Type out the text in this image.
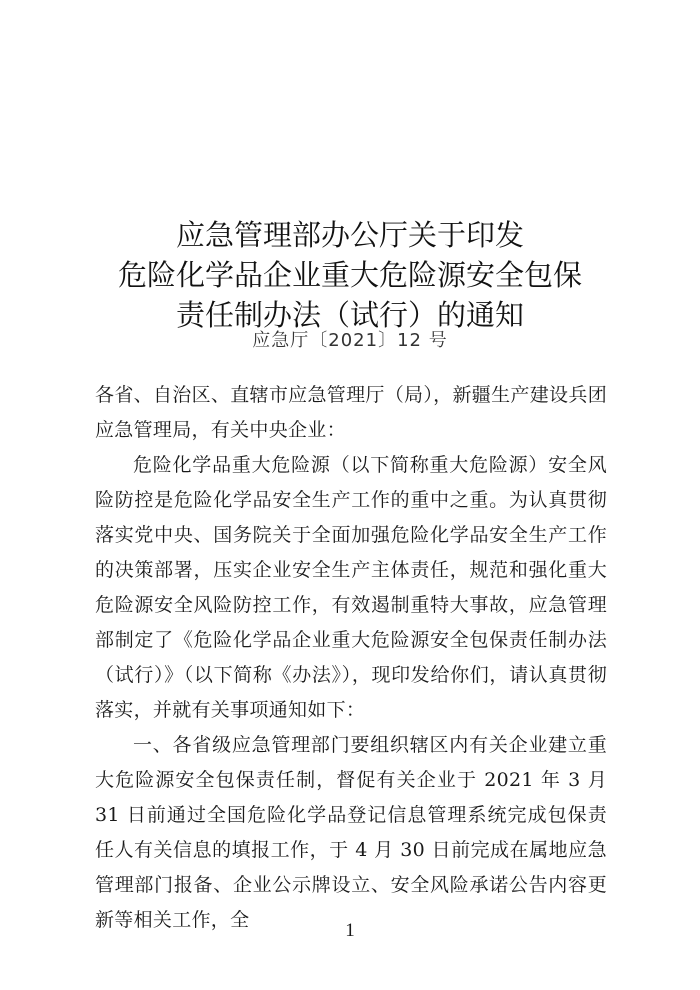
应急管理部办公厅关于印发
危险化学品企业重大危险源安全包保
责任制办法（试行）的通知
应急厅〔2021〕12 号

各省、自治区、直辖市应急管理厅（局），新疆生产建设兵团应急管理局，有关中央企业：

危险化学品重大危险源（以下简称重大危险源）安全风险防控是危险化学品安全生产工作的重中之重。为认真贯彻落实党中央、国务院关于全面加强危险化学品安全生产工作的决策部署，压实企业安全生产主体责任，规范和强化重大危险源安全风险防控工作，有效遏制重特大事故，应急管理部制定了《危险化学品企业重大危险源安全包保责任制办法（试行）》（以下简称《办法》），现印发给你们，请认真贯彻落实，并就有关事项通知如下：

一、各省级应急管理部门要组织辖区内有关企业建立重大危险源安全包保责任制，督促有关企业于 2021 年 3 月 31 日前通过全国危险化学品登记信息管理系统完成包保责任人有关信息的填报工作，于 4 月 30 日前完成在属地应急管理部门报备、企业公示牌设立、安全风险承诺公告内容更新等相关工作，全	1
